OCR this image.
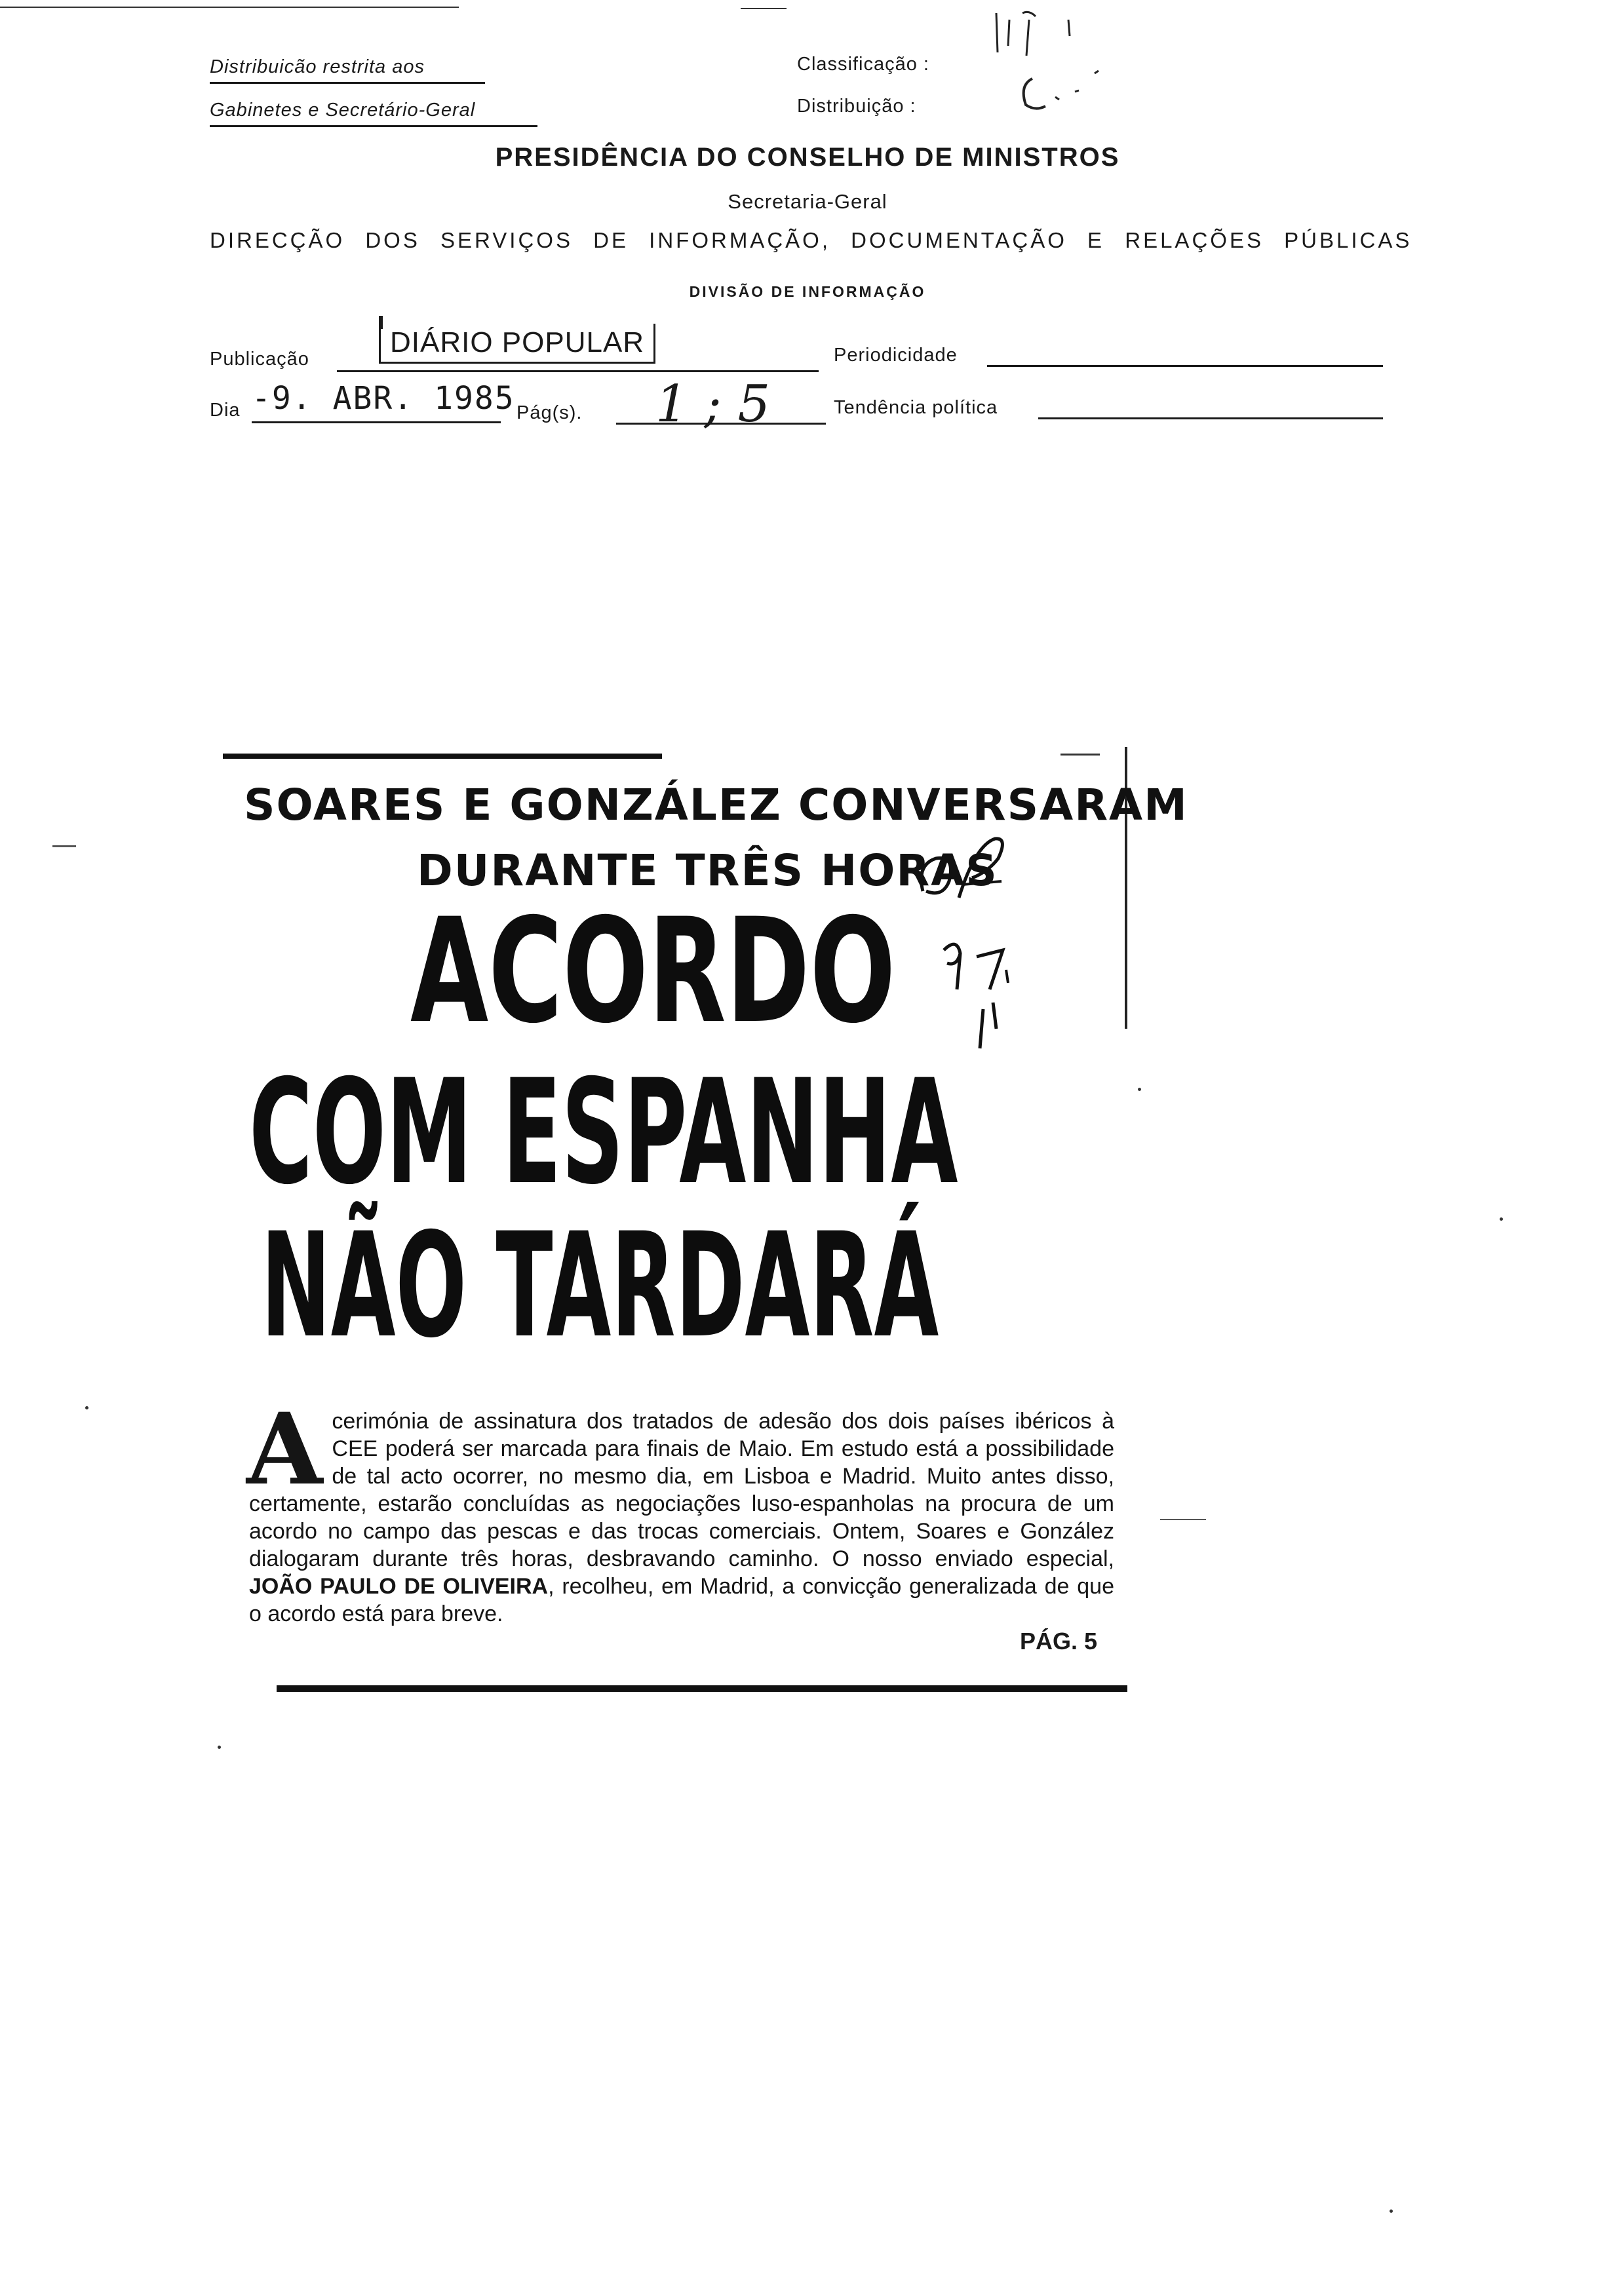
Distribuicão restrita aos
Gabinetes e Secretário-Geral
Classificação :
Distribuição :
PRESIDÊNCIA DO CONSELHO DE MINISTROS
Secretaria-Geral
DIRECÇÃO DOS SERVIÇOS DE INFORMAÇÃO, DOCUMENTAÇÃO E RELAÇÕES PÚBLICAS
DIVISÃO DE INFORMAÇÃO
Publicação
DIÁRIO POPULAR	Periodicidade
Dia -9. ABR. 1985 Pág(s). 1 ; 5	Tendência política
SOARES E GONZÁLEZ CONVERSARAM
DURANTE TRÊS HORAS
ACORDO
COM ESPANHA
NÃO TARDARÁ
A cerimónia de assinatura dos tratados de adesão dos dois países ibéricos à CEE poderá ser marcada para finais de Maio. Em estudo está a possibilidade de tal acto ocorrer, no mesmo dia, em Lisboa e Madrid. Muito antes disso, certamente, estarão concluídas as negociações luso-espanholas na procura de um acordo no campo das pescas e das trocas comerciais. Ontem, Soares e González dialogaram durante três horas, desbravando caminho. O nosso enviado especial, JOÃO PAULO DE OLIVEIRA, recolheu, em Madrid, a convicção generalizada de que o acordo está para breve.
PÁG. 5
